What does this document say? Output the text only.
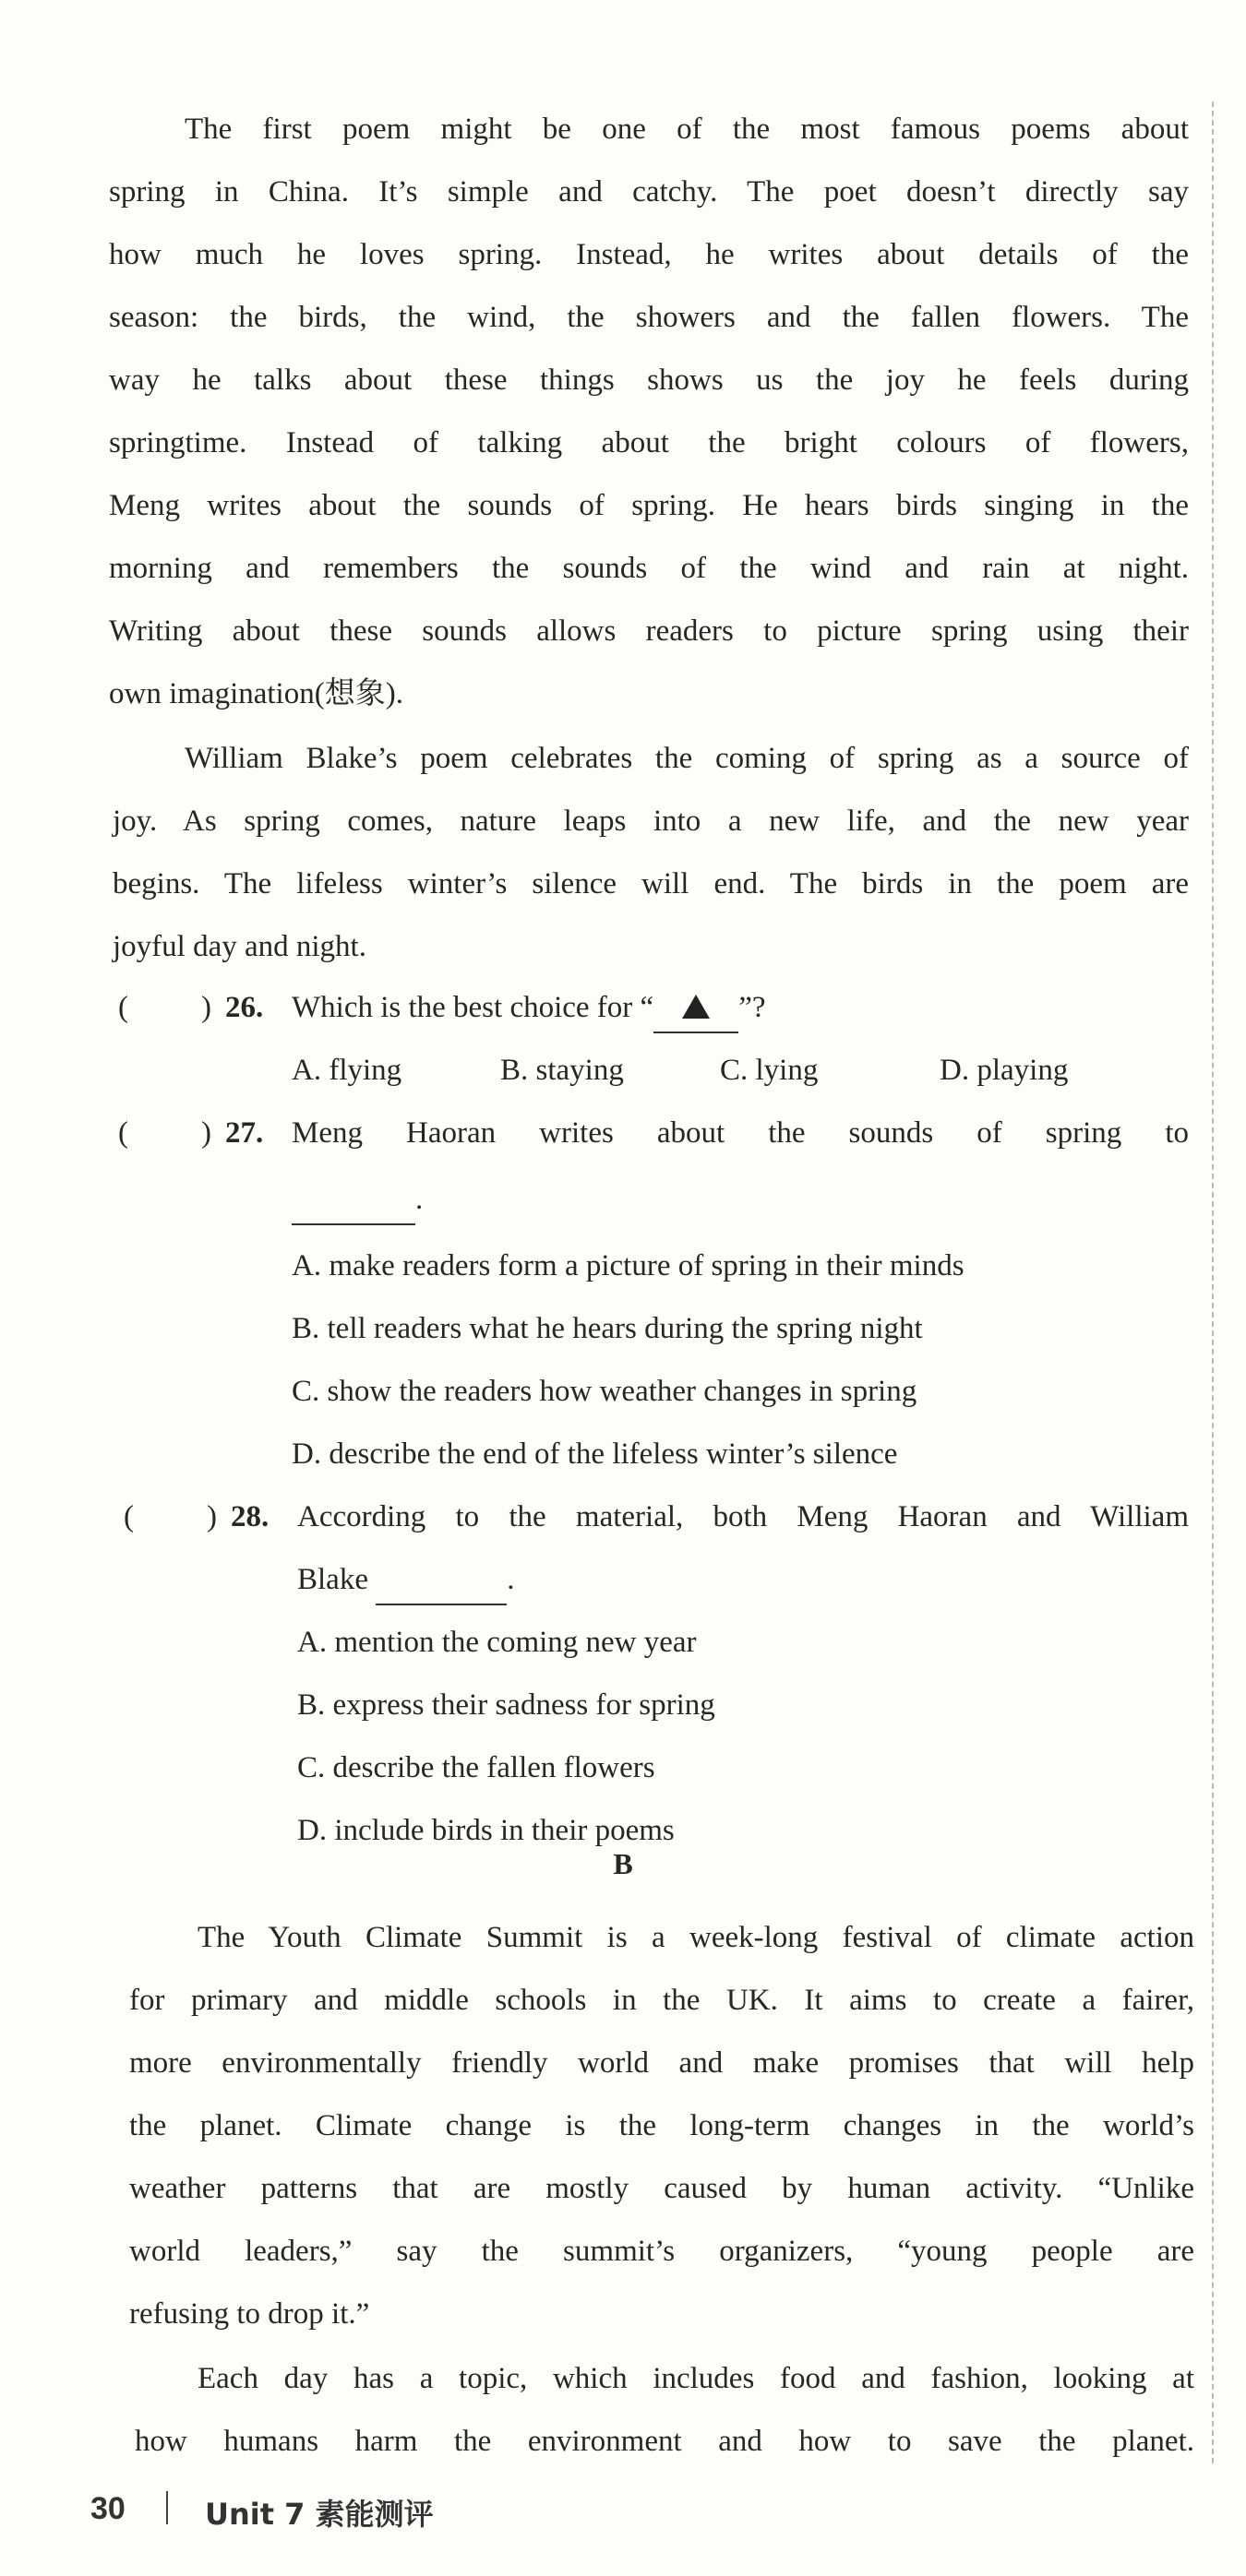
The first poem might be one of the most famous poems about
spring in China. It’s simple and catchy. The poet doesn’t directly say
how much he loves spring. Instead, he writes about details of the
season: the birds, the wind, the showers and the fallen flowers. The
way he talks about these things shows us the joy he feels during
springtime. Instead of talking about the bright colours of flowers,
Meng writes about the sounds of spring. He hears birds singing in the
morning and remembers the sounds of the wind and rain at night.
Writing about these sounds allows readers to picture spring using their
own imagination(想象).
William Blake’s poem celebrates the coming of spring as a source of
joy. As spring comes, nature leaps into a new life, and the new year
begins. The lifeless winter’s silence will end. The birds in the poem are
joyful day and night.
( ) 26. Which is the best choice for “	”?
A. flying	B. staying	C. lying	D. playing
( ) 27. Meng Haoran writes about the sounds of spring to
.
A. make readers form a picture of spring in their minds
B. tell readers what he hears during the spring night
C. show the readers how weather changes in spring
D. describe the end of the lifeless winter’s silence
( ) 28. According to the material, both Meng Haoran and William
Blake	.
A. mention the coming new year
B. express their sadness for spring
C. describe the fallen flowers
D. include birds in their poems
B
The Youth Climate Summit is a week-long festival of climate action
for primary and middle schools in the UK. It aims to create a fairer,
more environmentally friendly world and make promises that will help
the planet. Climate change is the long-term changes in the world’s
weather patterns that are mostly caused by human activity. “Unlike
world leaders,” say the summit’s organizers, “young people are
refusing to drop it.”
Each day has a topic, which includes food and fashion, looking at
how humans harm the environment and how to save the planet.
30	Unit 7 素能测评
